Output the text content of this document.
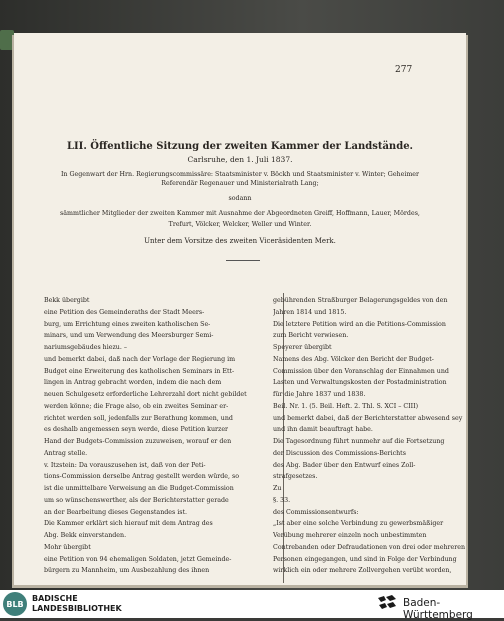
277
LII. Öffentliche Sitzung der zweiten Kammer der Landstände.
Carlsruhe, den 1. Juli 1837.
In Gegenwart der Hrn. Regierungscommissäre: Staatsminister v. Böckh und Staatsminister v. Winter; Geheimer
Referendär Regenauer und Ministerialrath Lang;
sodann
sämmtlicher Mitglieder der zweiten Kammer mit Ausnahme der Abgeordneten Greiff, Hoffmann, Lauer, Mördes,
Trefurt, Völcker, Welcker, Weller und Winter.
Unter dem Vorsitze des zweiten Viceräsidenten Merk.
Bekk übergibt
eine Petition des Gemeinderaths der Stadt Meers-
burg, um Errichtung eines zweiten katholischen Se-
minars, und um Verwendung des Meersburger Semi-
nariumsgebäudes hiezu. –
und bemerkt dabei, daß nach der Vorlage der Regierung im
Budget eine Erweiterung des katholischen Seminars in Ett-
lingen in Antrag gebracht worden, indem die nach dem
neuen Schulgesetz erforderliche Lehrerzahl dort nicht gebildet
werden könne; die Frage also, ob ein zweites Seminar er-
richtet werden soll, jedenfalls zur Berathung kommen, und
es deshalb angemessen seyn werde, diese Petition kurzer
Hand der Budgets-Commission zuzuweisen, worauf er den
Antrag stelle.
v. Itzstein: Da vorauszusehen ist, daß von der Peti-
tions-Commission derselbe Antrag gestellt werden würde, so
ist die unmittelbare Verweisung an die Budget-Commission
um so wünschenswerther, als der Berichterstatter gerade
an der Bearbeitung dieses Gegenstandes ist.
Die Kammer erklärt sich hierauf mit dem Antrag des
Abg. Bekk einverstanden.
Mohr übergibt
eine Petition von 94 ehemaligen Soldaten, jetzt Gemeinde-
bürgern zu Mannheim, um Ausbezahlung des ihnen
gebührenden Straßburger Belagerungsgeldes von den
Jahren 1814 und 1815.
Die letztere Petition wird an die Petitions-Commission
zum Bericht verwiesen.
Speyerer übergibt
Namens des Abg. Völcker den Bericht der Budget-
Commission über den Voranschlag der Einnahmen und
Lasten und Verwaltungskosten der Postadministration
für die Jahre 1837 und 1838.
Beil. Nr. 1. (5. Beil. Heft. 2. Thl. S. XCI – CIII)
und bemerkt dabei, daß der Berichterstatter abwesend sey
und ihn damit beauftragt habe.
Die Tagesordnung führt nunmehr auf die Fortsetzung
der Discussion des Commissions-Berichts
des Abg. Bader über den Entwurf eines Zoll-
strafgesetzes.
Zu
§. 33.
des Commissionsentwurfs:
„Ist aber eine solche Verbindung zu gewerbsmäßiger
Verübung mehrerer einzeln noch unbestimmten
Contrebanden oder Defraudationen von drei oder mehreren
Personen eingegangen, und sind in Folge der Verbindung
wirklich ein oder mehrere Zollvergehen verübt worden,
BLB
BADISCHE
LANDESBIBLIOTHEK	Baden-Württemberg
